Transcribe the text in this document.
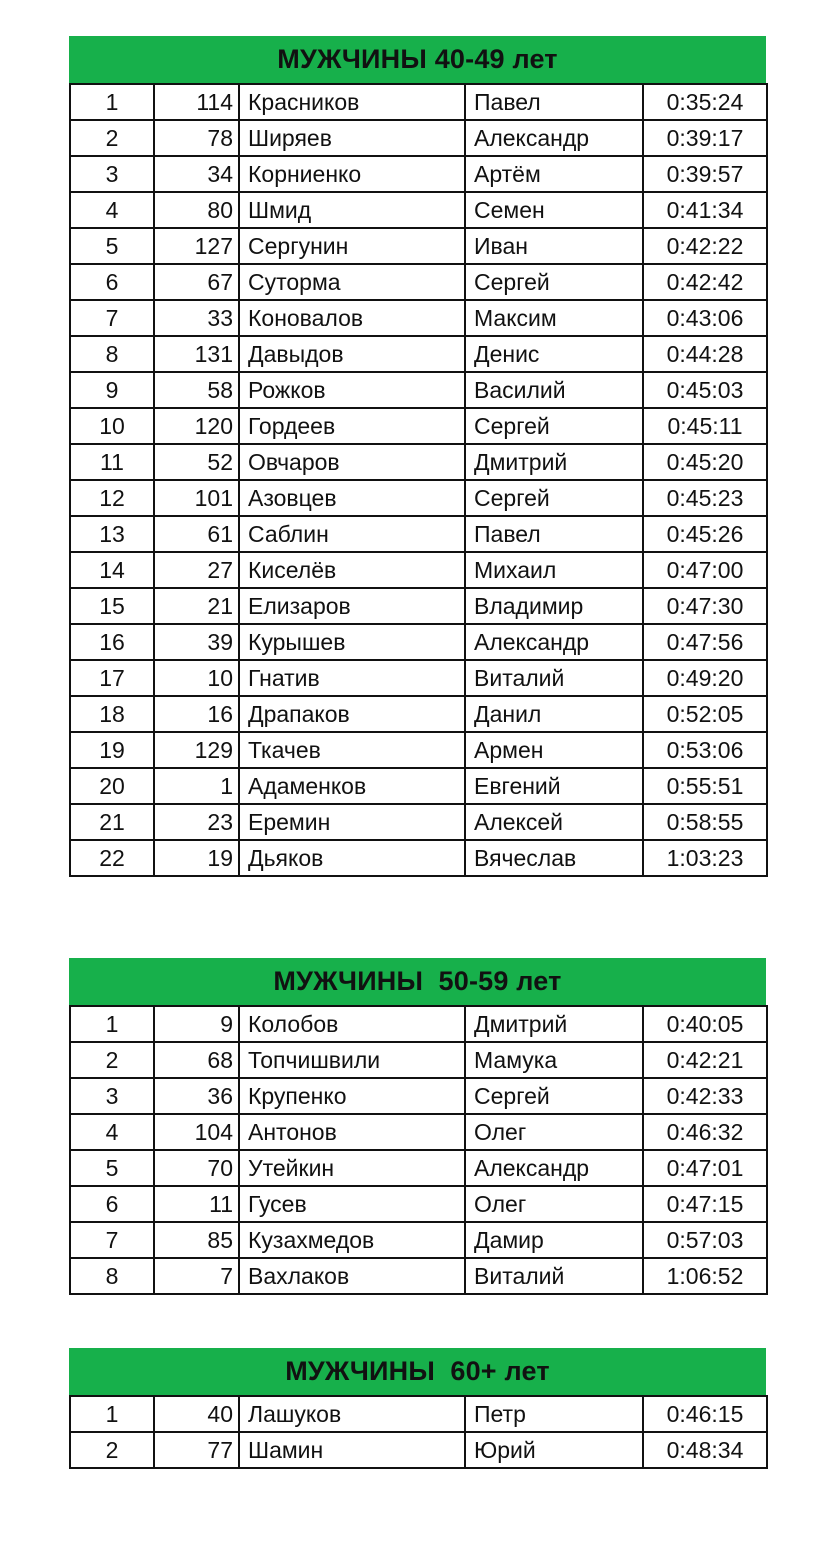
МУЖЧИНЫ 40-49 лет
1	114	Красников	Павел	0:35:24
2	78	Ширяев	Александр	0:39:17
3	34	Корниенко	Артём	0:39:57
4	80	Шмид	Семен	0:41:34
5	127	Сергунин	Иван	0:42:22
6	67	Суторма	Сергей	0:42:42
7	33	Коновалов	Максим	0:43:06
8	131	Давыдов	Денис	0:44:28
9	58	Рожков	Василий	0:45:03
10	120	Гордеев	Сергей	0:45:11
11	52	Овчаров	Дмитрий	0:45:20
12	101	Азовцев	Сергей	0:45:23
13	61	Саблин	Павел	0:45:26
14	27	Киселёв	Михаил	0:47:00
15	21	Елизаров	Владимир	0:47:30
16	39	Курышев	Александр	0:47:56
17	10	Гнатив	Виталий	0:49:20
18	16	Драпаков	Данил	0:52:05
19	129	Ткачев	Армен	0:53:06
20	1	Адаменков	Евгений	0:55:51
21	23	Еремин	Алексей	0:58:55
22	19	Дьяков	Вячеслав	1:03:23
МУЖЧИНЫ  50-59 лет
1	9	Колобов	Дмитрий	0:40:05
2	68	Топчишвили	Мамука	0:42:21
3	36	Крупенко	Сергей	0:42:33
4	104	Антонов	Олег	0:46:32
5	70	Утейкин	Александр	0:47:01
6	11	Гусев	Олег	0:47:15
7	85	Кузахмедов	Дамир	0:57:03
8	7	Вахлаков	Виталий	1:06:52
МУЖЧИНЫ  60+ лет
1	40	Лашуков	Петр	0:46:15
2	77	Шамин	Юрий	0:48:34
